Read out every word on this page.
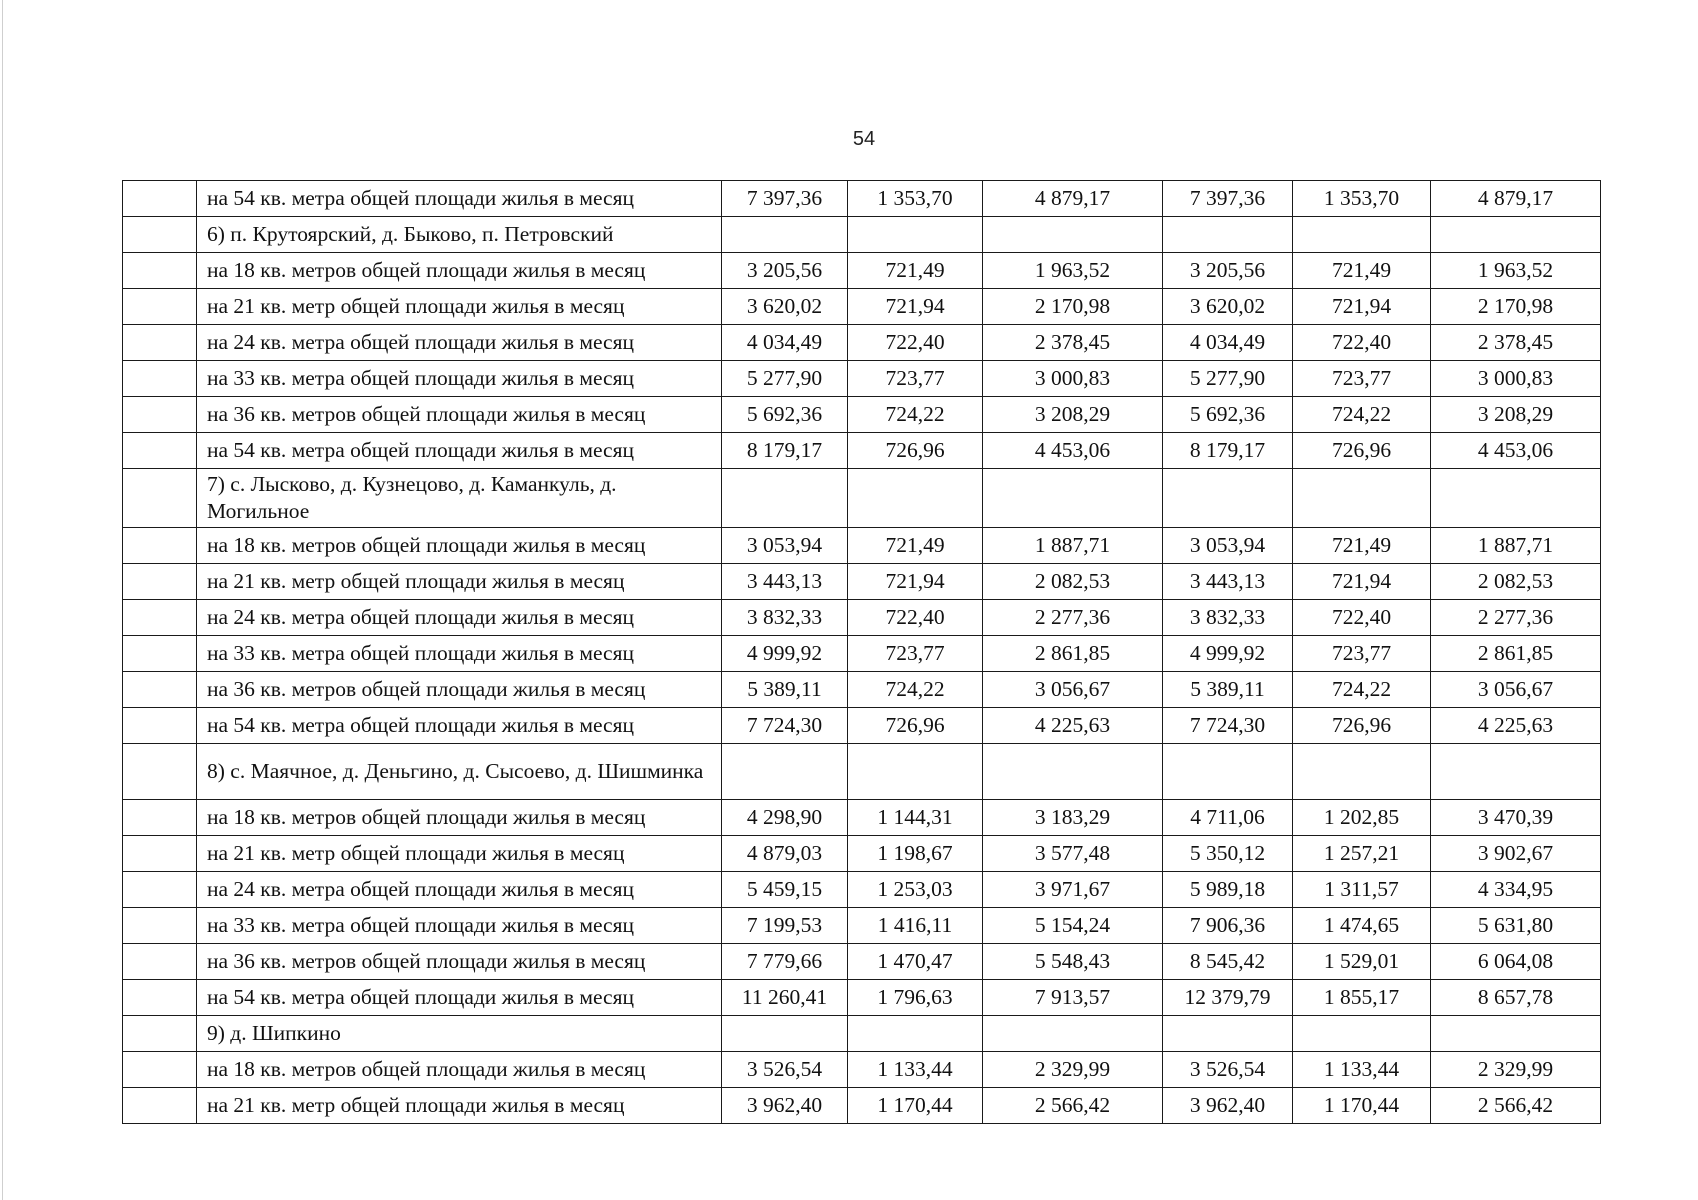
54
	на 54 кв. метра общей площади жилья в месяц	7 397,36	1 353,70	4 879,17	7 397,36	1 353,70	4 879,17
	6) п. Крутоярский, д. Быково, п. Петровский						
	на 18 кв. метров общей площади жилья в месяц	3 205,56	721,49	1 963,52	3 205,56	721,49	1 963,52
	на 21 кв. метр общей площади жилья в месяц	3 620,02	721,94	2 170,98	3 620,02	721,94	2 170,98
	на 24 кв. метра общей площади жилья в месяц	4 034,49	722,40	2 378,45	4 034,49	722,40	2 378,45
	на 33 кв. метра общей площади жилья в месяц	5 277,90	723,77	3 000,83	5 277,90	723,77	3 000,83
	на 36 кв. метров общей площади жилья в месяц	5 692,36	724,22	3 208,29	5 692,36	724,22	3 208,29
	на 54 кв. метра общей площади жилья в месяц	8 179,17	726,96	4 453,06	8 179,17	726,96	4 453,06
	7) с. Лысково, д. Кузнецово, д. Каманкуль, д. Могильное						
	на 18 кв. метров общей площади жилья в месяц	3 053,94	721,49	1 887,71	3 053,94	721,49	1 887,71
	на 21 кв. метр общей площади жилья в месяц	3 443,13	721,94	2 082,53	3 443,13	721,94	2 082,53
	на 24 кв. метра общей площади жилья в месяц	3 832,33	722,40	2 277,36	3 832,33	722,40	2 277,36
	на 33 кв. метра общей площади жилья в месяц	4 999,92	723,77	2 861,85	4 999,92	723,77	2 861,85
	на 36 кв. метров общей площади жилья в месяц	5 389,11	724,22	3 056,67	5 389,11	724,22	3 056,67
	на 54 кв. метра общей площади жилья в месяц	7 724,30	726,96	4 225,63	7 724,30	726,96	4 225,63
	8) с. Маячное, д. Деньгино, д. Сысоево, д. Шишминка						
	на 18 кв. метров общей площади жилья в месяц	4 298,90	1 144,31	3 183,29	4 711,06	1 202,85	3 470,39
	на 21 кв. метр общей площади жилья в месяц	4 879,03	1 198,67	3 577,48	5 350,12	1 257,21	3 902,67
	на 24 кв. метра общей площади жилья в месяц	5 459,15	1 253,03	3 971,67	5 989,18	1 311,57	4 334,95
	на 33 кв. метра общей площади жилья в месяц	7 199,53	1 416,11	5 154,24	7 906,36	1 474,65	5 631,80
	на 36 кв. метров общей площади жилья в месяц	7 779,66	1 470,47	5 548,43	8 545,42	1 529,01	6 064,08
	на 54 кв. метра общей площади жилья в месяц	11 260,41	1 796,63	7 913,57	12 379,79	1 855,17	8 657,78
	9) д. Шипкино						
	на 18 кв. метров общей площади жилья в месяц	3 526,54	1 133,44	2 329,99	3 526,54	1 133,44	2 329,99
	на 21 кв. метр общей площади жилья в месяц	3 962,40	1 170,44	2 566,42	3 962,40	1 170,44	2 566,42
